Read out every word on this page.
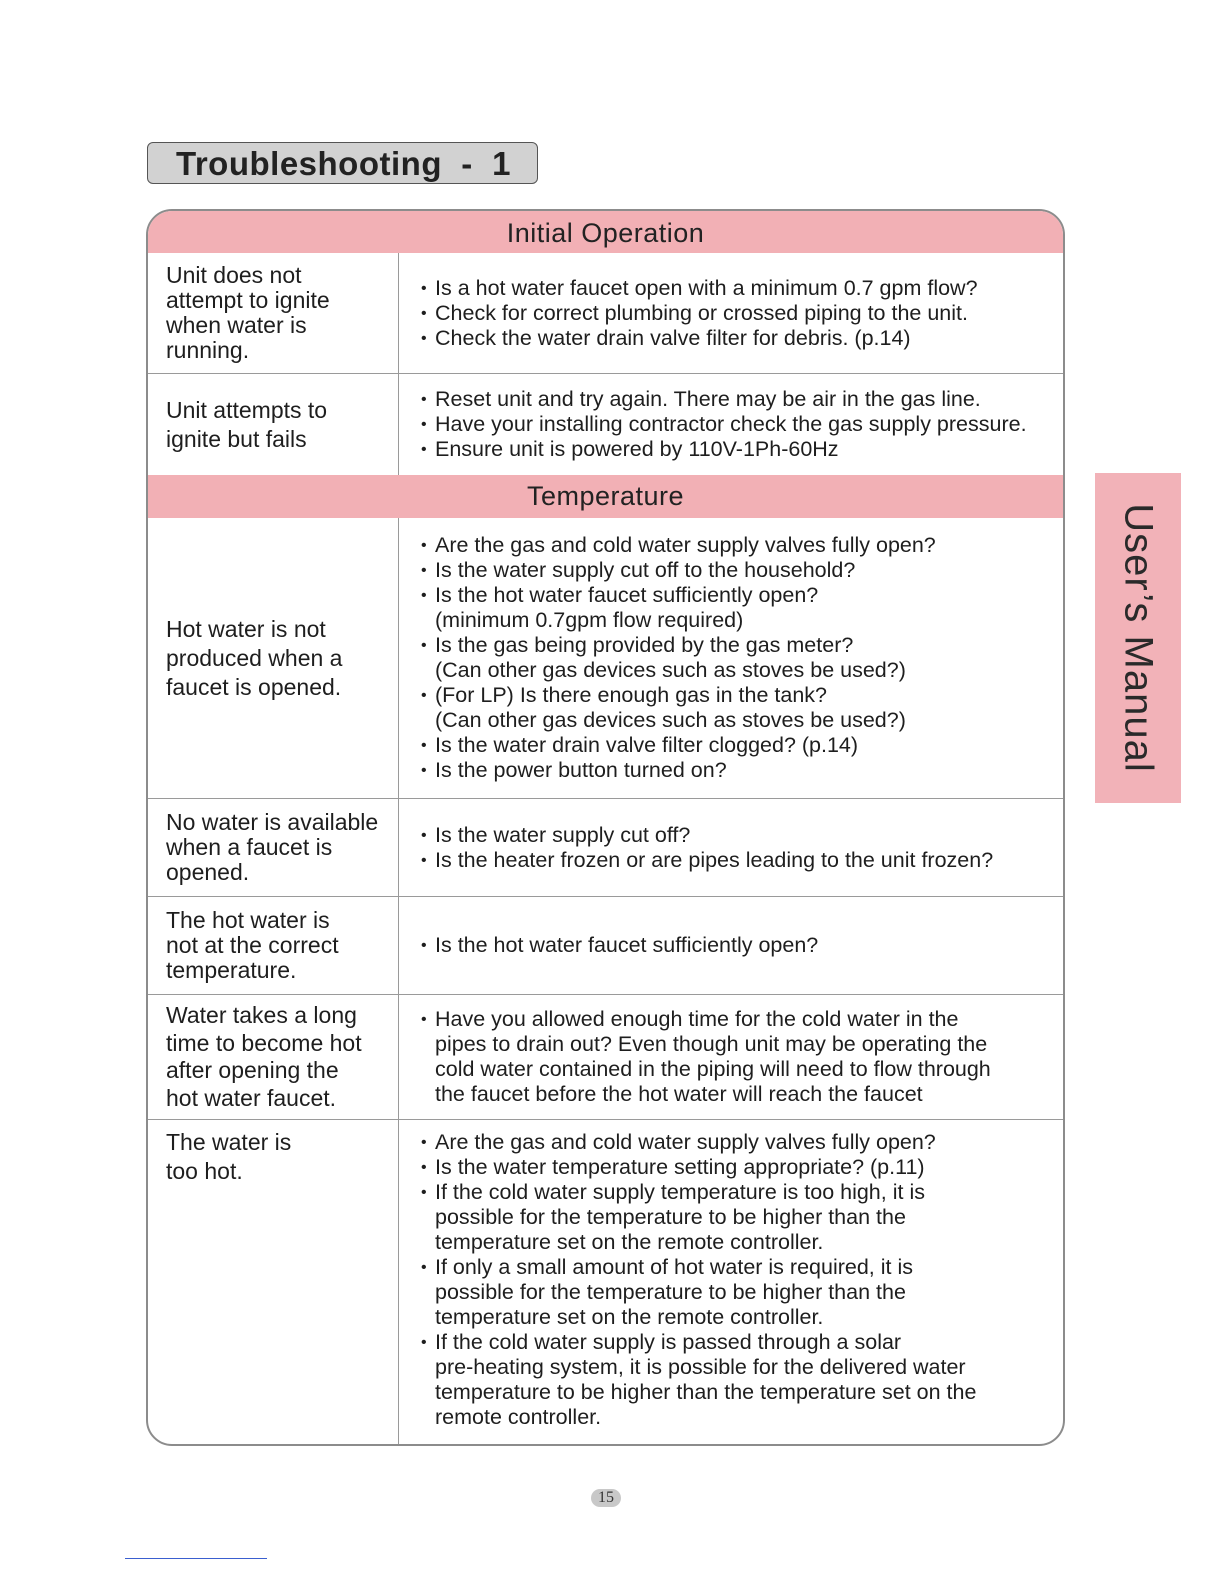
Troubleshooting  -  1
User’s Manual
Initial Operation
Unit does not
attempt to ignite
when water is
running.
• Is a hot water faucet open with a minimum 0.7 gpm flow?
• Check for correct plumbing or crossed piping to the unit.
• Check the water drain valve filter for debris. (p.14)
Unit attempts to
ignite but fails
• Reset unit and try again. There may be air in the gas line.
• Have your installing contractor check the gas supply pressure.
• Ensure unit is powered by 110V-1Ph-60Hz
Temperature
Hot water is not
produced when a
faucet is opened.
• Are the gas and cold water supply valves fully open?
• Is the water supply cut off to the household?
• Is the hot water faucet sufficiently open?
(minimum 0.7gpm flow required)
• Is the gas being provided by the gas meter?
(Can other gas devices such as stoves be used?)
• (For LP) Is there enough gas in the tank?
(Can other gas devices such as stoves be used?)
• Is the water drain valve filter clogged? (p.14)
• Is the power button turned on?
No water is available
when a faucet is
opened.
• Is the water supply cut off?
• Is the heater frozen or are pipes leading to the unit frozen?
The hot water is
not at the correct
temperature.
• Is the hot water faucet sufficiently open?
Water takes a long
time to become hot
after opening the
hot water faucet.
• Have you allowed enough time for the cold water in the
pipes to drain out? Even though unit may be operating the
cold water contained in the piping will need to flow through
the faucet before the hot water will reach the faucet
The water is
too hot.
• Are the gas and cold water supply valves fully open?
• Is the water temperature setting appropriate? (p.11)
• If the cold water supply temperature is too high, it is
possible for the temperature to be higher than the
temperature set on the remote controller.
• If only a small amount of hot water is required, it is
possible for the temperature to be higher than the
temperature set on the remote controller.
• If the cold water supply is passed through a solar
pre-heating system, it is possible for the delivered water
temperature to be higher than the temperature set on the
remote controller.
15
